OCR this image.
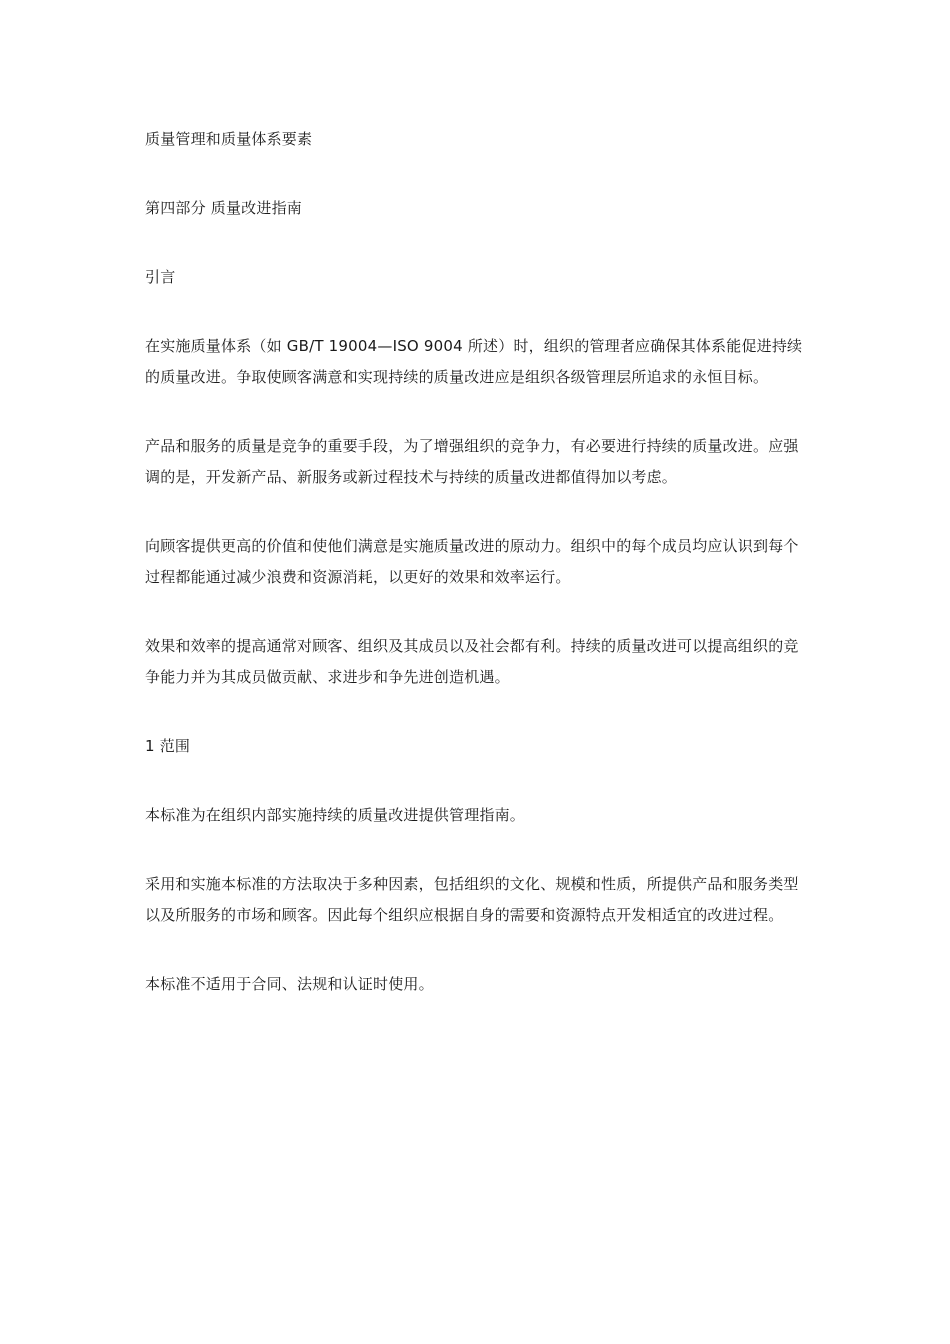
质量管理和质量体系要素

第四部分 质量改进指南

引言

在实施质量体系（如 GB/T 19004—ISO 9004 所述）时，组织的管理者应确保其体系能促进持续的质量改进。争取使顾客满意和实现持续的质量改进应是组织各级管理层所追求的永恒目标。

产品和服务的质量是竞争的重要手段，为了增强组织的竞争力，有必要进行持续的质量改进。应强调的是，开发新产品、新服务或新过程技术与持续的质量改进都值得加以考虑。

向顾客提供更高的价值和使他们满意是实施质量改进的原动力。组织中的每个成员均应认识到每个过程都能通过减少浪费和资源消耗，以更好的效果和效率运行。

效果和效率的提高通常对顾客、组织及其成员以及社会都有利。持续的质量改进可以提高组织的竞争能力并为其成员做贡献、求进步和争先进创造机遇。

1 范围

本标准为在组织内部实施持续的质量改进提供管理指南。

采用和实施本标准的方法取决于多种因素，包括组织的文化、规模和性质，所提供产品和服务类型以及所服务的市场和顾客。因此每个组织应根据自身的需要和资源特点开发相适宜的改进过程。

本标准不适用于合同、法规和认证时使用。
